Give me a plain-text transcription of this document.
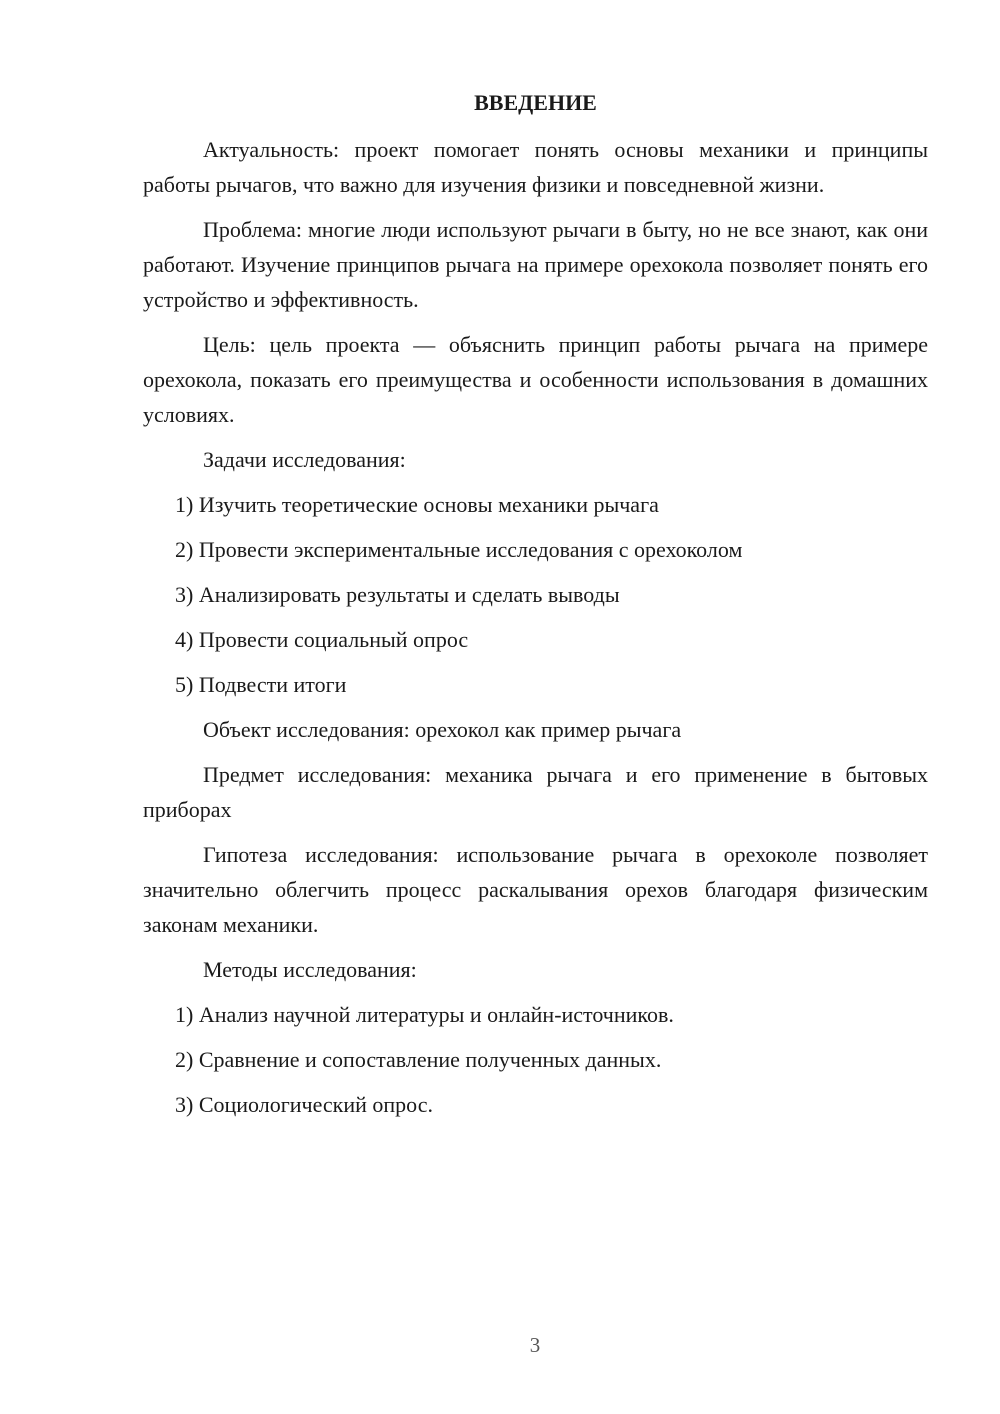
ВВЕДЕНИЕ

Актуальность: проект помогает понять основы механики и принципы работы рычагов, что важно для изучения физики и повседневной жизни.

Проблема: многие люди используют рычаги в быту, но не все знают, как они работают. Изучение принципов рычага на примере орехокола позволяет понять его устройство и эффективность.

Цель: цель проекта — объяснить принцип работы рычага на примере орехокола, показать его преимущества и особенности использования в домашних условиях.

Задачи исследования:

1) Изучить теоретические основы механики рычага

2) Провести экспериментальные исследования с орехоколом

3) Анализировать результаты и сделать выводы

4) Провести социальный опрос

5) Подвести итоги

Объект исследования: орехокол как пример рычага

Предмет исследования: механика рычага и его применение в бытовых приборах

Гипотеза исследования: использование рычага в орехоколе позволяет значительно облегчить процесс раскалывания орехов благодаря физическим законам механики.

Методы исследования:

1) Анализ научной литературы и онлайн-источников.

2) Сравнение и сопоставление полученных данных.

3) Социологический опрос.

3
